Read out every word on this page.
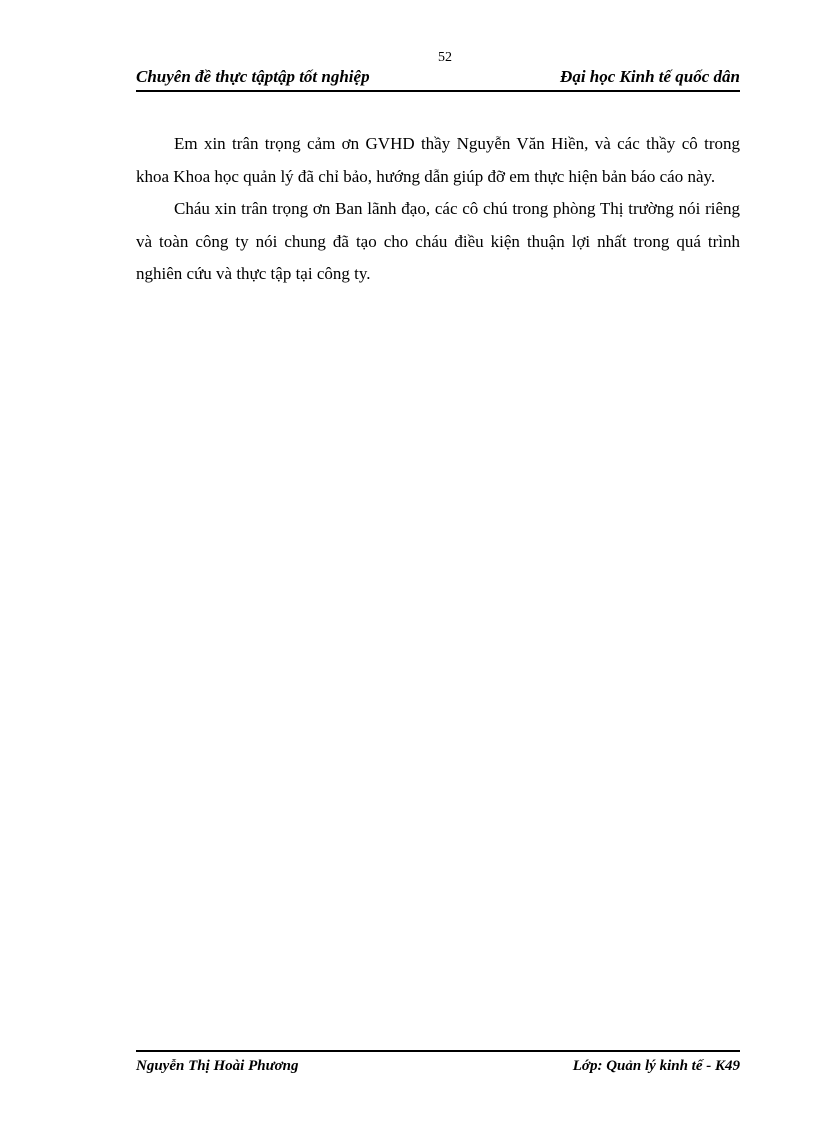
52
Chuyên đề thực tậptập tốt nghiệp	Đại học Kinh tế quốc dân

Em xin trân trọng cảm ơn GVHD thầy Nguyễn Văn Hiền, và các thầy cô trong khoa Khoa học quản lý đã chỉ bảo, hướng dẫn giúp đỡ em thực hiện bản báo cáo này.

Cháu xin trân trọng ơn Ban lãnh đạo, các cô chú trong phòng Thị trường nói riêng và toàn công ty nói chung đã tạo cho cháu điều kiện thuận lợi nhất trong quá trình nghiên cứu và thực tập tại công ty.

Nguyễn Thị Hoài Phương	Lớp: Quản lý kinh tế - K49
